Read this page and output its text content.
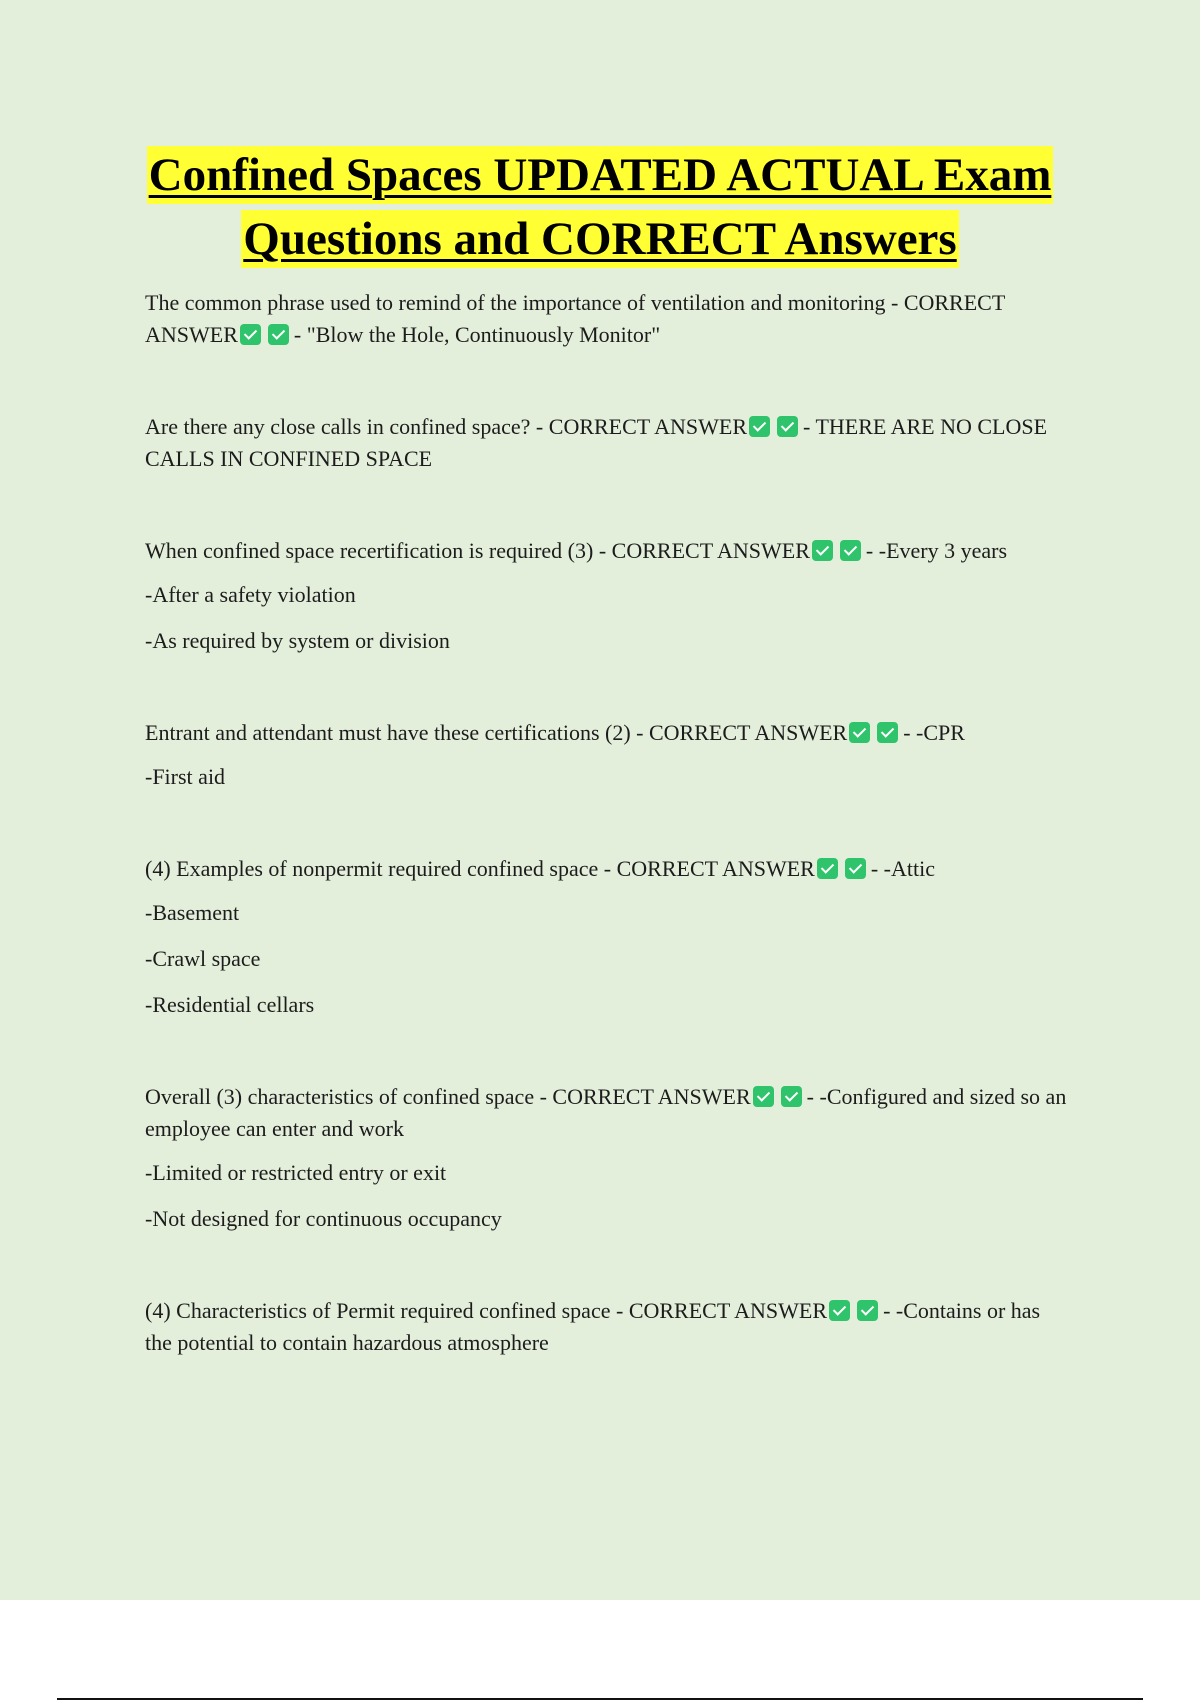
Confined Spaces UPDATED ACTUAL Exam
Questions and CORRECT Answers

The common phrase used to remind of the importance of ventilation and monitoring - CORRECT ANSWER	- "Blow the Hole, Continuously Monitor"

Are there any close calls in confined space? - CORRECT ANSWER	- THERE ARE NO CLOSE CALLS IN CONFINED SPACE

When confined space recertification is required (3) - CORRECT ANSWER	- -Every 3 years

-After a safety violation

-As required by system or division

Entrant and attendant must have these certifications (2) - CORRECT ANSWER	- -CPR

-First aid

(4) Examples of nonpermit required confined space - CORRECT ANSWER	- -Attic

-Basement

-Crawl space

-Residential cellars

Overall (3) characteristics of confined space - CORRECT ANSWER	- -Configured and sized so an employee can enter and work

-Limited or restricted entry or exit

-Not designed for continuous occupancy

(4) Characteristics of Permit required confined space - CORRECT ANSWER	- -Contains or has the potential to contain hazardous atmosphere
